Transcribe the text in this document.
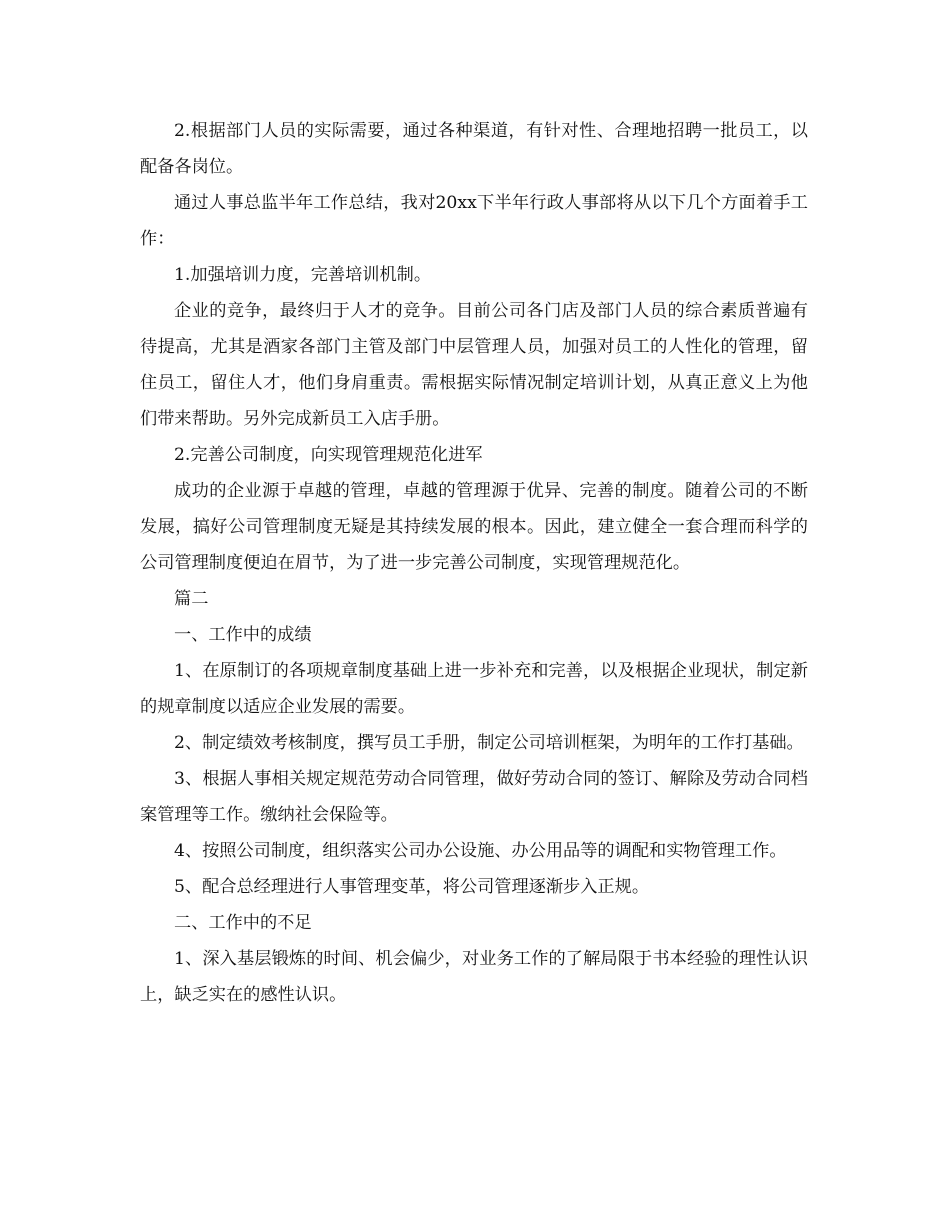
2.根据部门人员的实际需要，通过各种渠道，有针对性、合理地招聘一批员工，以配备各岗位。

通过人事总监半年工作总结，我对20xx下半年行政人事部将从以下几个方面着手工作：

1.加强培训力度，完善培训机制。

企业的竞争，最终归于人才的竞争。目前公司各门店及部门人员的综合素质普遍有待提高，尤其是酒家各部门主管及部门中层管理人员，加强对员工的人性化的管理，留住员工，留住人才，他们身肩重责。需根据实际情况制定培训计划，从真正意义上为他们带来帮助。另外完成新员工入店手册。

2.完善公司制度，向实现管理规范化进军

成功的企业源于卓越的管理，卓越的管理源于优异、完善的制度。随着公司的不断发展，搞好公司管理制度无疑是其持续发展的根本。因此，建立健全一套合理而科学的公司管理制度便迫在眉节，为了进一步完善公司制度，实现管理规范化。

篇二

一、工作中的成绩

1、在原制订的各项规章制度基础上进一步补充和完善，以及根据企业现状，制定新的规章制度以适应企业发展的需要。

2、制定绩效考核制度，撰写员工手册，制定公司培训框架，为明年的工作打基础。

3、根据人事相关规定规范劳动合同管理，做好劳动合同的签订、解除及劳动合同档案管理等工作。缴纳社会保险等。

4、按照公司制度，组织落实公司办公设施、办公用品等的调配和实物管理工作。

5、配合总经理进行人事管理变革，将公司管理逐渐步入正规。

二、工作中的不足

1、深入基层锻炼的时间、机会偏少，对业务工作的了解局限于书本经验的理性认识上，缺乏实在的感性认识。
